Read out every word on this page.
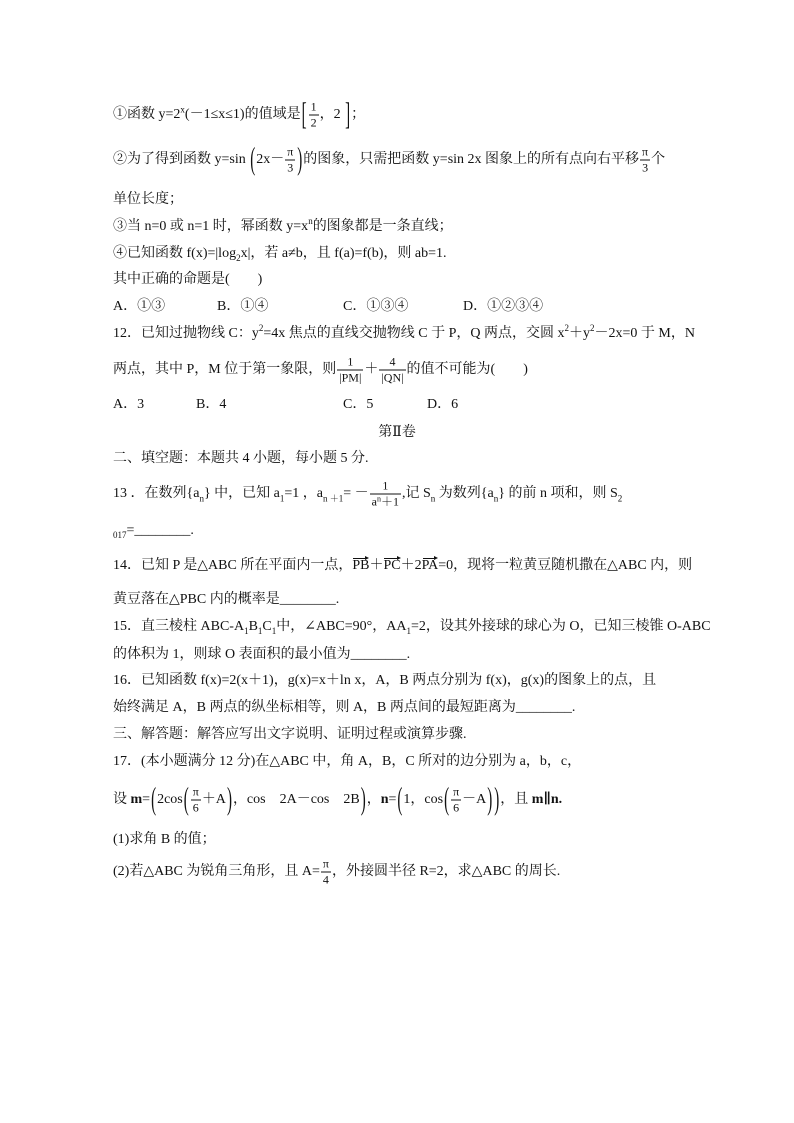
①函数 $y=2^x(-1\le x\le 1)$的值域是[ $\frac{1}{2}$ ，2 ]；
②为了得到函数 y=sin ($2x- \frac{\pi}{3}$ )的图象，只需把函数 y=sin 2x 图象上的所有点向右平移 $\frac{\pi}{3}$ 个
单位长度；
③当 n=0 或 n=1 时，幂函数 $y=x^n$的图象都是一条直线；
④已知函数 $f(x)=|\log_2x|$，若 a≠b，且 f(a)=f(b)，则 ab=1.
其中正确的命题是(　　)
A．①③	B．①④	C．①③④	D．①②③④
12．已知过抛物线 C：$y^2=4x$ 焦点的直线交抛物线 C 于 P，Q 两点，交圆 $x^2+y^2-2x=0$ 于 M，N
两点，其中 P，M 位于第一象限，则 $\frac{1}{|PM|} + \frac{4}{|QN|}$ 的值不可能为(　　)
A．3	B．4	C．5	D．6
第Ⅱ卷
二、填空题：本题共 4 小题，每小题 5 分.
13 ．在数列$\{a_n\}$ 中，已知 $a_1=1$ ，$a_{n +1}= - \frac{1}{a^n+1}$ ,记 $S_n$ 为数列$\{a_n\}$ 的前 n 项和，则 $S_2$
$_{017}$=________.
14．已知 P 是△ABC 所在平面内一点，PB＋PC＋2PA=0，现将一粒黄豆随机撒在△ABC 内，则
黄豆落在△PBC 内的概率是________.
15．直三棱柱 ABC-$A_1B_1C_1$中，∠ABC=90°，$AA_1=2$，设其外接球的球心为 O，已知三棱锥 O-ABC
的体积为 1，则球 O 表面积的最小值为________.
16．已知函数 f(x)=2(x＋1)，g(x)=x＋ln x，A，B 两点分别为 f(x)，g(x)的图象上的点，且
始终满足 A，B 两点的纵坐标相等，则 A，B 两点间的最短距离为________.
三、解答题：解答应写出文字说明、证明过程或演算步骤.
17．(本小题满分 12 分)在△ABC 中，角 A，B，C 所对的边分别为 a，b，c，
设 $m=(2\cos( \frac{\pi}{6} +A)$，cos　2A－cos　2B)，n=(1，$\cos( \frac{\pi}{6} -A)$ )，且 m∥n.
(1)求角 B 的值；
(2)若△ABC 为锐角三角形，且 $A= \frac{\pi}{4}$ ，外接圆半径 R=2，求△ABC 的周长.
